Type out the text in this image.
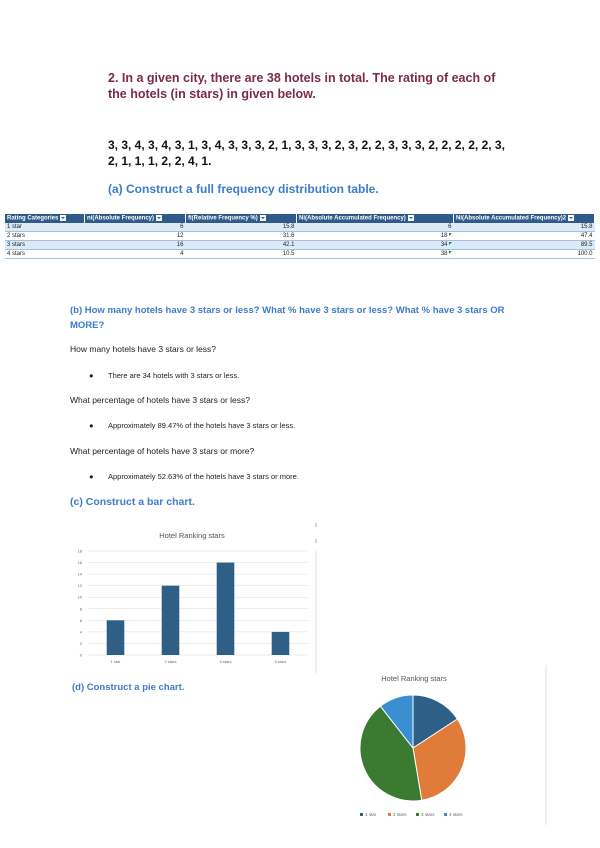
2. In a given city, there are 38 hotels in total. The rating of each of the hotels (in stars) in given below.
3, 3, 4, 3, 4, 3, 1, 3, 4, 3, 3, 3, 2, 1, 3, 3, 3, 2, 3, 2, 2, 3, 3, 3, 2, 2, 2, 2, 2, 3, 2, 1, 1, 1, 2, 2, 4, 1.
(a) Construct a full frequency distribution table.
Rating Categories	ni(Absolute Frequency)	fi(Relative Frequency %)	Ni(Absolute Accumulated Frequency)	Ni(Absolute Accumulated Frequency)2
1 star	6	15.8	6	15.8
2 stars	12	31.6	18	47.4
3 stars	16	42.1	34	89.5
4 stars	4	10.5	38	100.0
(b) How many hotels have 3 stars or less? What % have 3 stars or less? What % have 3 stars OR MORE?
How many hotels have 3 stars or less?
● There are 34 hotels with 3 stars or less.
What percentage of hotels have 3 stars or less?
● Approximately 89.47% of the hotels have 3 stars or less.
What percentage of hotels have 3 stars or more?
● Approximately 52.63% of the hotels have 3 stars or more.
(c) Construct a bar chart.
(d) Construct a pie chart.
Hotel Ranking stars
0
2
4
6
8
10
12
14
16
18
1 star	2 stars	3 stars	4 stars
Hotel Ranking stars
1 star	2 stars	3 stars	4 stars
